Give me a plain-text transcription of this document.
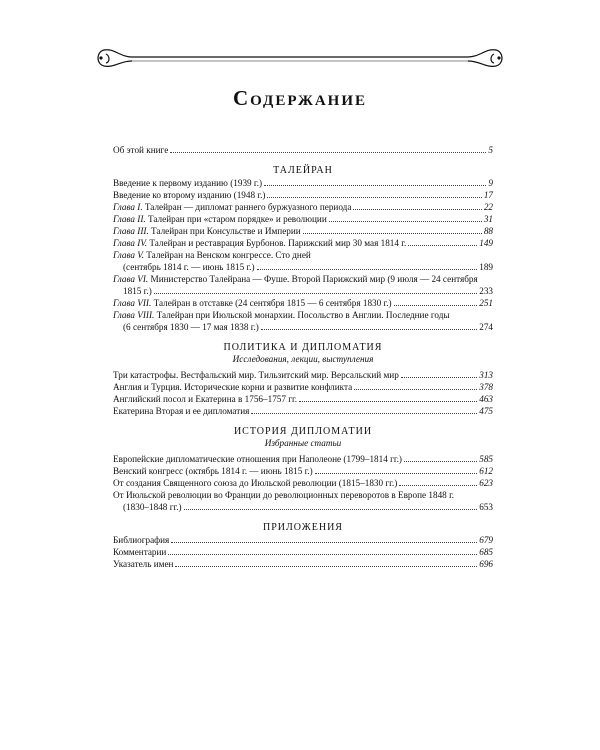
Содержание
Об этой книге	5
ТАЛЕЙРАН
Введение к первому изданию (1939 г.)	9
Введение ко второму изданию (1948 г.)	17
Глава I. Талейран — дипломат раннего буржуазного периода	22
Глава II. Талейран при «старом порядке» и революции	31
Глава III. Талейран при Консульстве и Империи	88
Глава IV. Талейран и реставрация Бурбонов. Парижский мир 30 мая 1814 г.	149
Глава V. Талейран на Венском конгрессе. Сто дней
(сентябрь 1814 г. — июнь 1815 г.)	189
Глава VI. Министерство Талейрана — Фуше. Второй Парижский мир (9 июля — 24 сентября
1815 г.)	233
Глава VII. Талейран в отставке (24 сентября 1815 — 6 сентября 1830 г.)	251
Глава VIII. Талейран при Июльской монархии. Посольство в Англии. Последние годы
(6 сентября 1830 — 17 мая 1838 г.)	274
ПОЛИТИКА И ДИПЛОМАТИЯ
Исследования, лекции, выступления
Три катастрофы. Вестфальский мир. Тильзитский мир. Версальский мир	313
Англия и Турция. Исторические корни и развитие конфликта	378
Английский посол и Екатерина в 1756–1757 гг.	463
Екатерина Вторая и ее дипломатия	475
ИСТОРИЯ ДИПЛОМАТИИ
Избранные статьи
Европейские дипломатические отношения при Наполеоне (1799–1814 гг.)	585
Венский конгресс (октябрь 1814 г. — июнь 1815 г.)	612
От создания Священного союза до Июльской революции (1815–1830 гг.)	623
От Июльской революции во Франции до революционных переворотов в Европе 1848 г.
(1830–1848 гг.)	653
ПРИЛОЖЕНИЯ
Библиография	679
Комментарии	685
Указатель имен	696
